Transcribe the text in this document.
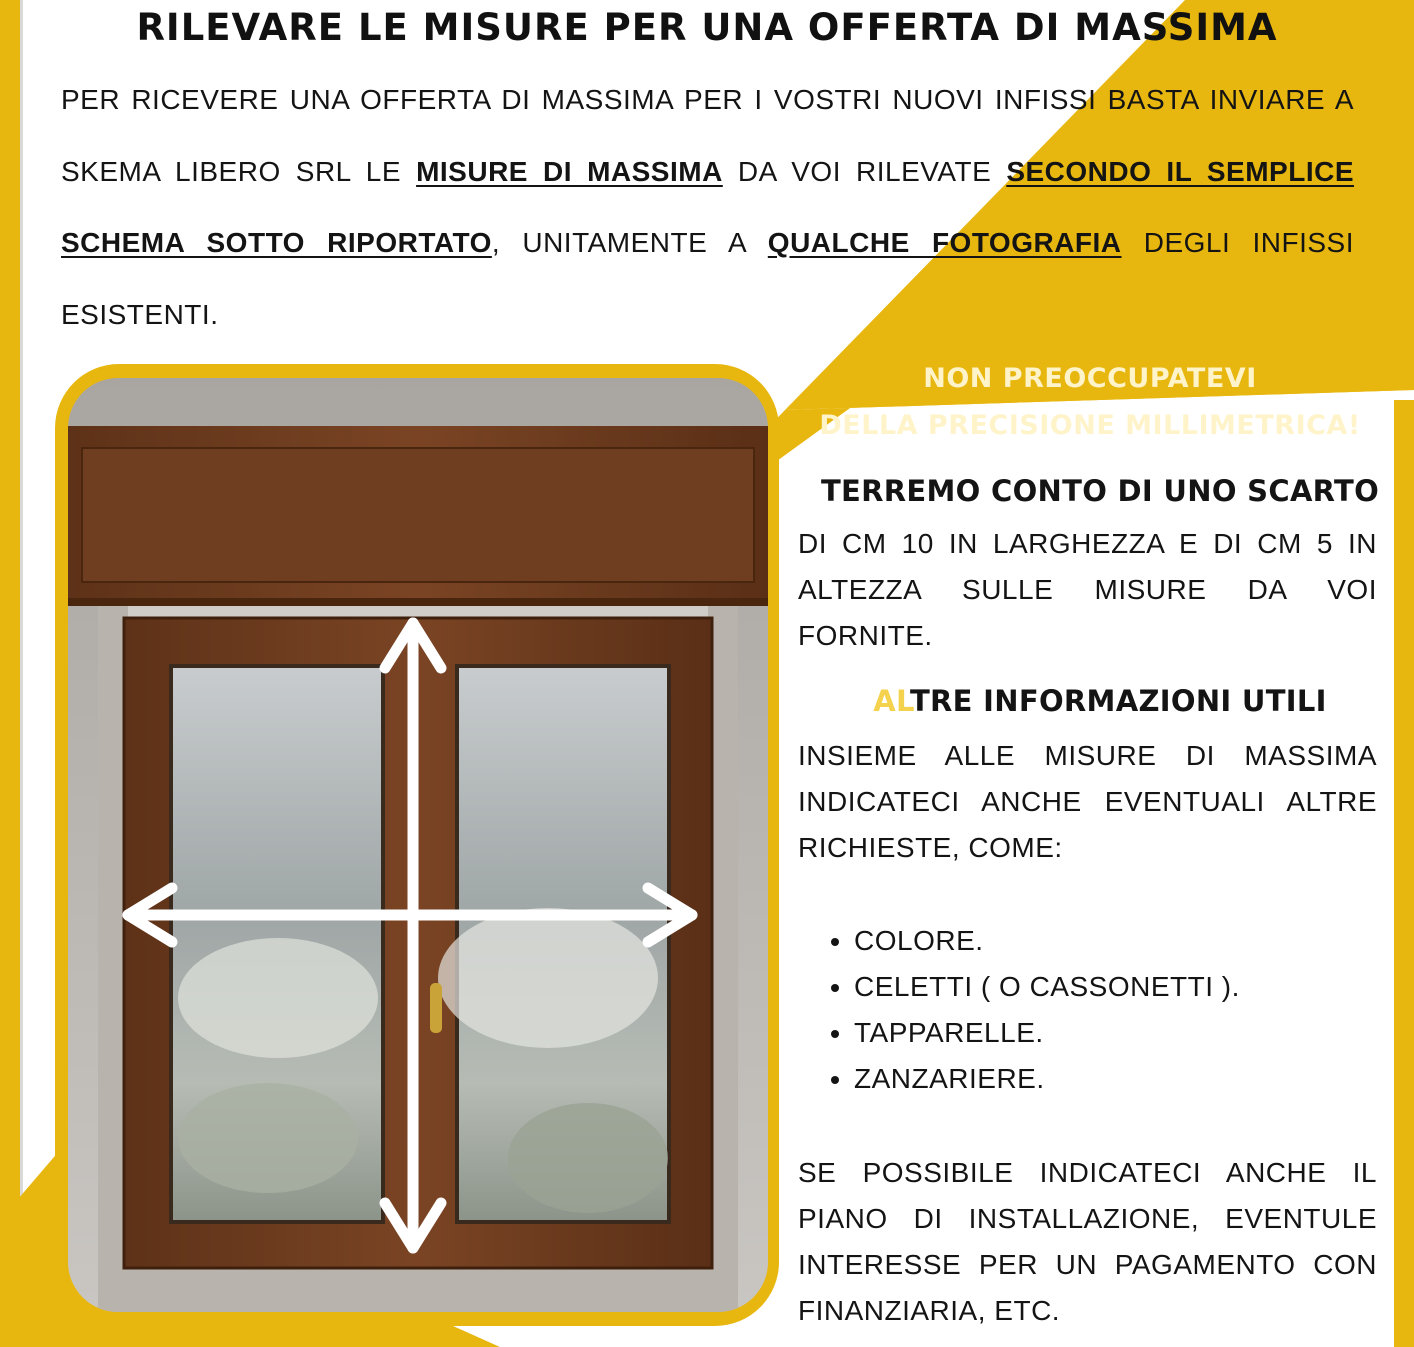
RILEVARE LE MISURE PER UNA OFFERTA DI MASSIMA
PER RICEVERE UNA OFFERTA DI MASSIMA PER I VOSTRI NUOVI INFISSI BASTA INVIARE A SKEMA LIBERO SRL LE MISURE DI MASSIMA DA VOI RILEVATE SECONDO IL SEMPLICE SCHEMA SOTTO RIPORTATO, UNITAMENTE A QUALCHE FOTOGRAFIA DEGLI INFISSI ESISTENTI.
NON PREOCCUPATEVI
DELLA PRECISIONE MILLIMETRICA!
TERREMO CONTO DI UNO SCARTO
DI CM 10 IN LARGHEZZA E DI CM 5 IN ALTEZZA SULLE MISURE DA VOI FORNITE.
ALTRE INFORMAZIONI UTILI
INSIEME ALLE MISURE DI MASSIMA INDICATECI ANCHE EVENTUALI ALTRE RICHIESTE, COME:
• COLORE.
• CELETTI ( O CASSONETTI ).
• TAPPARELLE.
• ZANZARIERE.
SE POSSIBILE INDICATECI ANCHE IL PIANO DI INSTALLAZIONE, EVENTULE INTERESSE PER UN PAGAMENTO CON FINANZIARIA, ETC.
